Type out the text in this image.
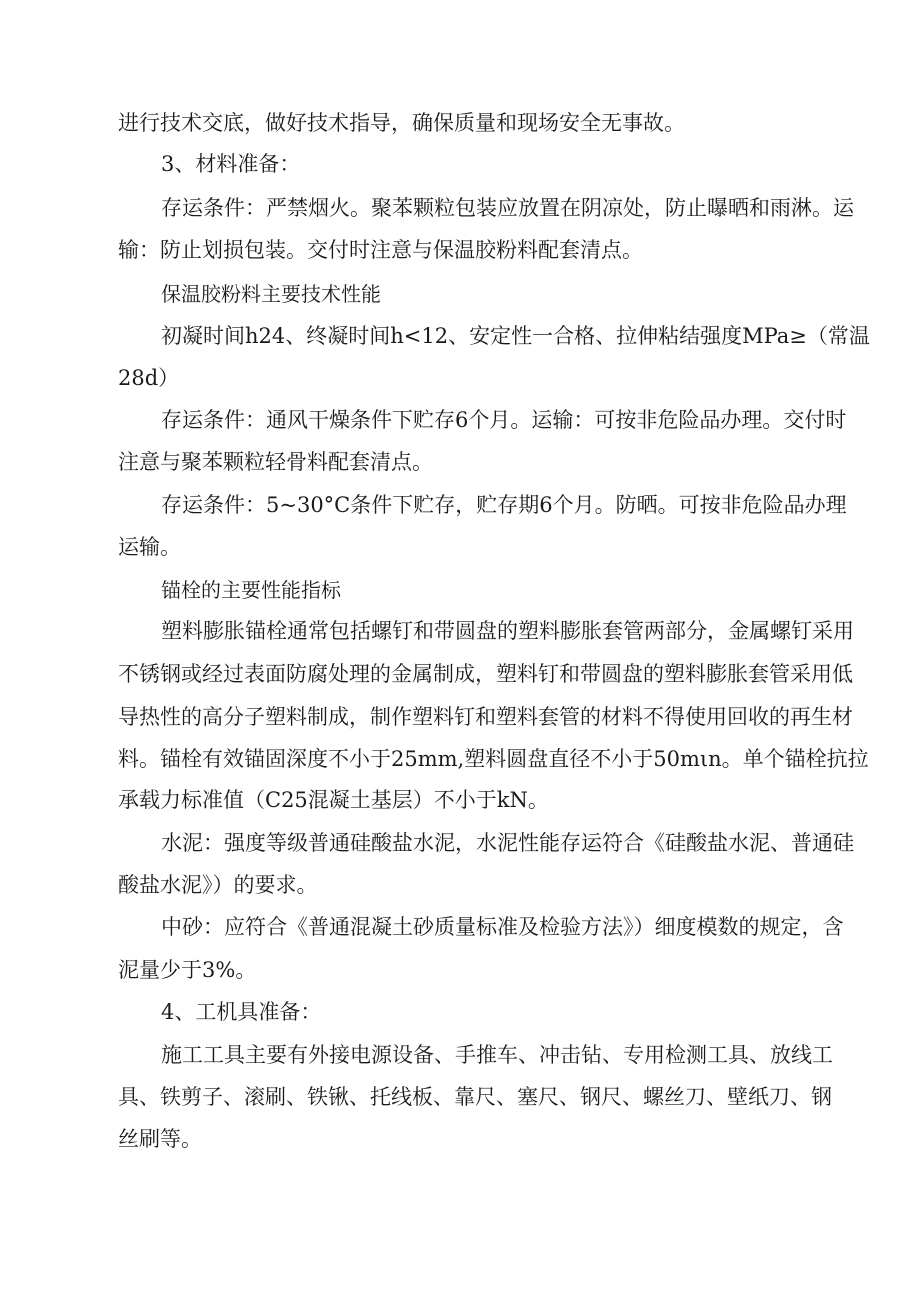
进行技术交底，做好技术指导，确保质量和现场安全无事故。
3、材料准备：
存运条件：严禁烟火。聚苯颗粒包装应放置在阴凉处，防止曝晒和雨淋。运
输：防止划损包装。交付时注意与保温胶粉料配套清点。
保温胶粉料主要技术性能
初凝时间h24、终凝时间h<12、安定性一合格、拉伸粘结强度MPa≥（常温
28d）
存运条件：通风干燥条件下贮存6个月。运输：可按非危险品办理。交付时
注意与聚苯颗粒轻骨料配套清点。
存运条件：5~30°C条件下贮存，贮存期6个月。防晒。可按非危险品办理
运输。
锚栓的主要性能指标
塑料膨胀锚栓通常包括螺钉和带圆盘的塑料膨胀套管两部分，金属螺钉采用
不锈钢或经过表面防腐处理的金属制成，塑料钉和带圆盘的塑料膨胀套管采用低
导热性的高分子塑料制成，制作塑料钉和塑料套管的材料不得使用回收的再生材
料。锚栓有效锚固深度不小于25mm,塑料圆盘直径不小于50mιn。单个锚栓抗拉
承载力标准值（C25混凝土基层）不小于kN。
水泥：强度等级普通硅酸盐水泥，水泥性能存运符合《硅酸盐水泥、普通硅
酸盐水泥》）的要求。
中砂：应符合《普通混凝土砂质量标准及检验方法》）细度模数的规定，含
泥量少于3%。
4、工机具准备：
施工工具主要有外接电源设备、手推车、冲击钻、专用检测工具、放线工
具、铁剪子、滚刷、铁锹、托线板、靠尺、塞尺、钢尺、螺丝刀、壁纸刀、钢
丝刷等。
